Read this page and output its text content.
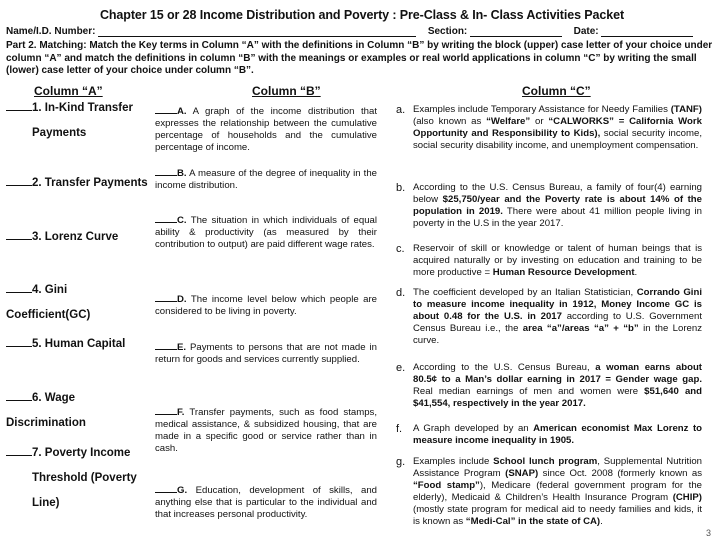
Chapter 15 or 28 Income Distribution and Poverty : Pre-Class & In- Class Activities Packet
Name/I.D. Number:	Section:	Date:
Part 2. Matching: Match the Key terms in Column “A” with the definitions in Column “B” by writing the block (upper) case letter of your choice under column “A” and match the definitions in column “B” with the meanings or examples or real world applications in column “C” by writing the small (lower) case letter of your choice under column “B”.
Column “A”	Column “B”	Column “C”
1. In-Kind Transfer
Payments
2. Transfer Payments
3. Lorenz Curve
4. Gini Coefficient(GC)
5. Human Capital
6. Wage Discrimination
7. Poverty Income
Threshold (Poverty
Line)
A. A graph of the income distribution that expresses the relationship between the cumulative percentage of households and the cumulative percentage of income.
B. A measure of the degree of inequality in the income distribution.
C. The situation in which individuals of equal ability & productivity (as measured by their contribution to output) are paid different wage rates.
D. The income level below which people are considered to be living in poverty.
E. Payments to persons that are not made in return for goods and services currently supplied.
F. Transfer payments, such as food stamps, medical assistance, & subsidized housing, that are made in a specific good or service rather than in cash.
G. Education, development of skills, and anything else that is particular to the individual and that increases personal productivity.
a. Examples include Temporary Assistance for Needy Families (TANF) (also known as “Welfare” or “CALWORKS” = California Work Opportunity and Responsibility to Kids), social security income, social security disability income, and unemployment compensation.
b. According to the U.S. Census Bureau, a family of four(4) earning below $25,750/year and the Poverty rate is about 14% of the population in 2019. There were about 41 million people living in poverty in the U.S in the year 2017.
c. Reservoir of skill or knowledge or talent of human beings that is acquired naturally or by investing on education and training to be more productive = Human Resource Development.
d. The coefficient developed by an Italian Statistician, Corrando Gini to measure income inequality in 1912, Money Income GC is about 0.48 for the U.S. in 2017 according to U.S. Government Census Bureau i.e., the area “a”/areas “a” + “b” in the Lorenz curve.
e. According to the U.S. Census Bureau, a woman earns about 80.5¢ to a Man’s dollar earning in 2017 = Gender wage gap. Real median earnings of men and women were $51,640 and $41,554, respectively in the year 2017.
f. A Graph developed by an American economist Max Lorenz to measure income inequality in 1905.
g. Examples include School lunch program, Supplemental Nutrition Assistance Program (SNAP) since Oct. 2008 (formerly known as “Food stamp”), Medicare (federal government program for the elderly), Medicaid & Children’s Health Insurance Program (CHIP) (mostly state program for medical aid to needy families and kids, it is known as “Medi-Cal” in the state of CA).
3
